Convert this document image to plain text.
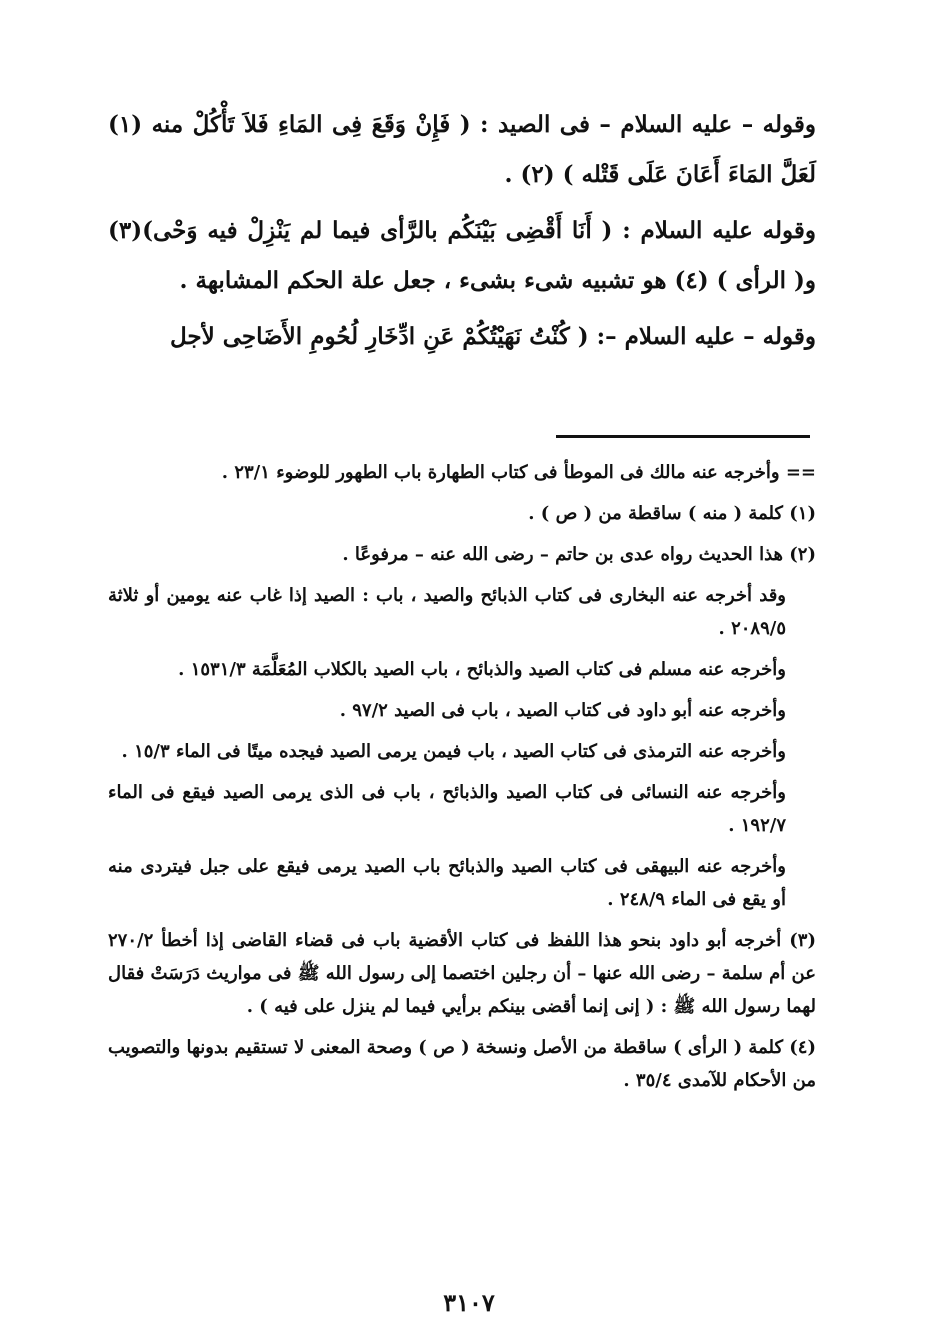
وقوله – عليه السلام – فى الصيد : ( فَإِنْ وَقَعَ فِى المَاءِ فَلاَ تَأْكُلْ منه (١) لَعَلَّ المَاءَ أَعَانَ عَلَى قَتْله ) (٢) .

وقوله عليه السلام : ( أَنَا أَقْضِى بَيْنَكُم بالرَّأى فيما لم يَنْزِلْ فيه وَحْى)(٣) و( الرأى ) (٤) هو تشبيه شىء بشىء ، جعل علة الحكم المشابهة .

وقوله – عليه السلام –: ( كُنْتُ نَهَيْتُكُمْ عَنِ ادِّخَارِ لُحُومِ الأَضَاحِى لأجل

== وأخرجه عنه مالك فى الموطأ فى كتاب الطهارة باب الطهور للوضوء ٢٣/١ .

(١) كلمة ( منه ) ساقطة من ( ص ) .

(٢) هذا الحديث رواه عدى بن حاتم – رضى الله عنه – مرفوعًا .

وقد أخرجه عنه البخارى فى كتاب الذبائح والصيد ، باب : الصيد إذا غاب عنه يومين أو ثلاثة ٢٠٨٩/٥ .

وأخرجه عنه مسلم فى كتاب الصيد والذبائح ، باب الصيد بالكلاب المُعَلَّمَة ١٥٣١/٣ .

وأخرجه عنه أبو داود فى كتاب الصيد ، باب فى الصيد ٩٧/٢ .

وأخرجه عنه الترمذى فى كتاب الصيد ، باب فيمن يرمى الصيد فيجده ميتًا فى الماء ١٥/٣ .

وأخرجه عنه النسائى فى كتاب الصيد والذبائح ، باب فى الذى يرمى الصيد فيقع فى الماء ١٩٢/٧ .

وأخرجه عنه البيهقى فى كتاب الصيد والذبائح باب الصيد يرمى فيقع على جبل فيتردى منه أو يقع فى الماء ٢٤٨/٩ .

(٣) أخرجه أبو داود بنحو هذا اللفظ فى كتاب الأقضية باب فى قضاء القاضى إذا أخطأ ٢٧٠/٢ عن أم سلمة – رضى الله عنها – أن رجلين اختصما إلى رسول الله ﷺ فى مواريث دَرَسَتْ فقال لهما رسول الله ﷺ : ( إنى إنما أقضى بينكم برأيي فيما لم ينزل على فيه ) .

(٤) كلمة ( الرأى ) ساقطة من الأصل ونسخة ( ص ) وصحة المعنى لا تستقيم بدونها والتصويب من الأحكام للآمدى ٣٥/٤ .

٣١٠٧
